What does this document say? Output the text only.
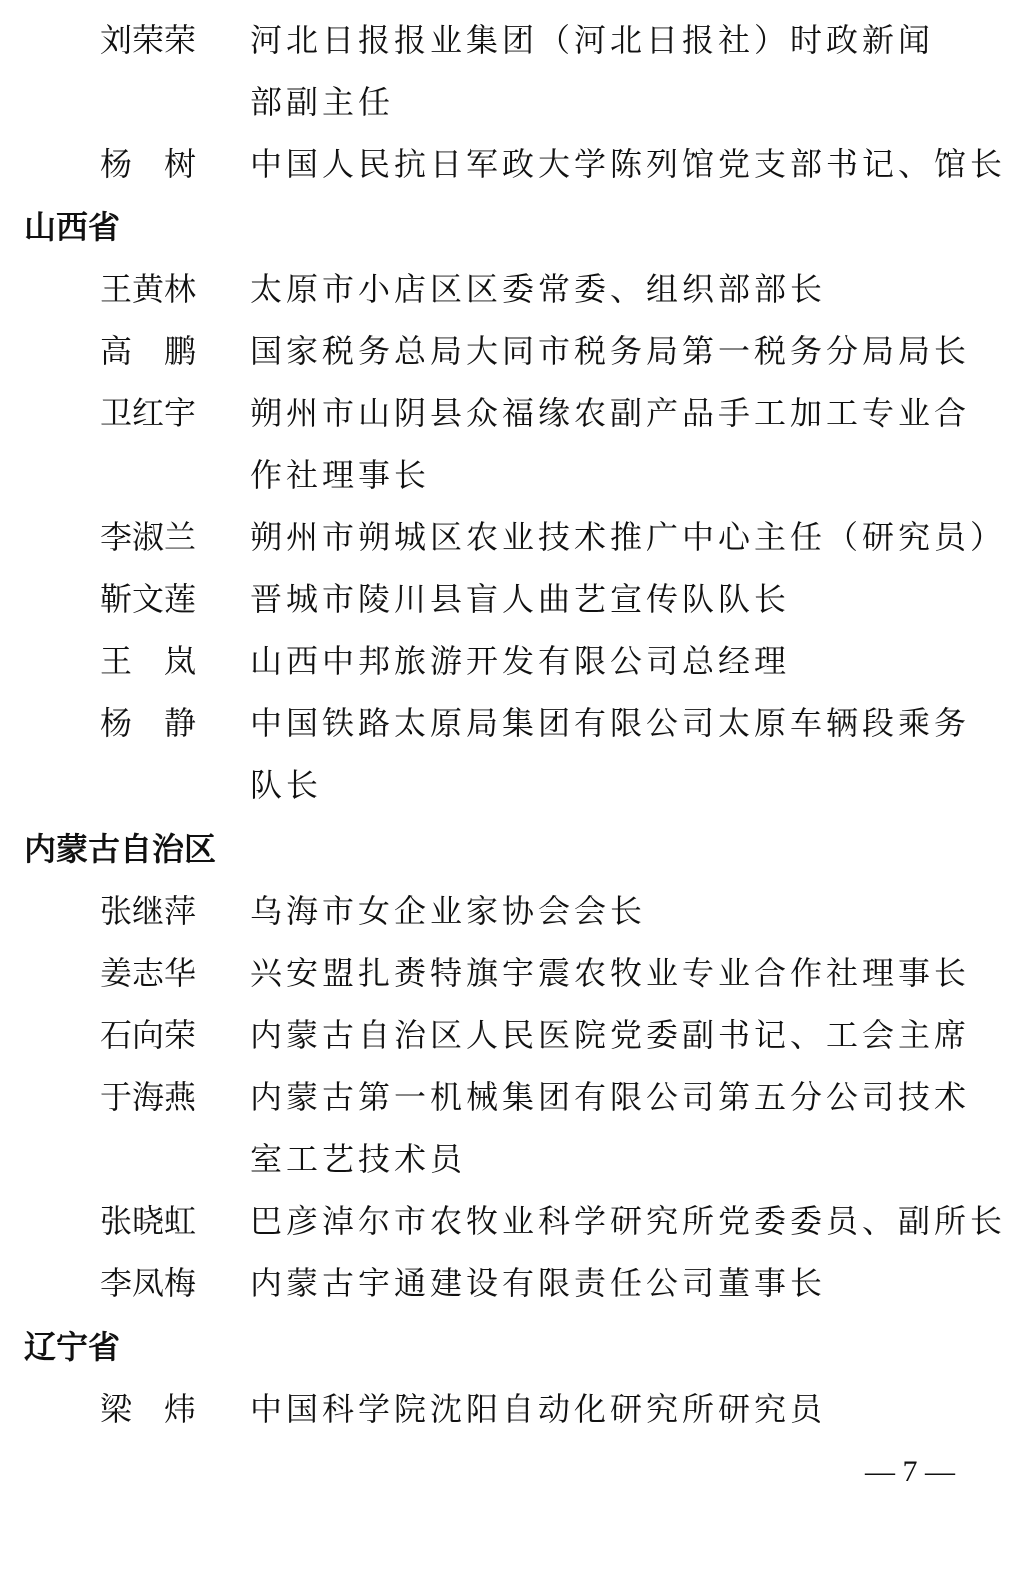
刘荣荣	河北日报报业集团（河北日报社）时政新闻
部副主任
杨　树	中国人民抗日军政大学陈列馆党支部书记、馆长
山西省
王黄林	太原市小店区区委常委、组织部部长
高　鹏	国家税务总局大同市税务局第一税务分局局长
卫红宇	朔州市山阴县众福缘农副产品手工加工专业合
作社理事长
李淑兰	朔州市朔城区农业技术推广中心主任（研究员）
靳文莲	晋城市陵川县盲人曲艺宣传队队长
王　岚	山西中邦旅游开发有限公司总经理
杨　静	中国铁路太原局集团有限公司太原车辆段乘务
队长
内蒙古自治区
张继萍	乌海市女企业家协会会长
姜志华	兴安盟扎赉特旗宇震农牧业专业合作社理事长
石向荣	内蒙古自治区人民医院党委副书记、工会主席
于海燕	内蒙古第一机械集团有限公司第五分公司技术
室工艺技术员
张晓虹	巴彦淖尔市农牧业科学研究所党委委员、副所长
李凤梅	内蒙古宇通建设有限责任公司董事长
辽宁省
梁　炜	中国科学院沈阳自动化研究所研究员
— 7 —
